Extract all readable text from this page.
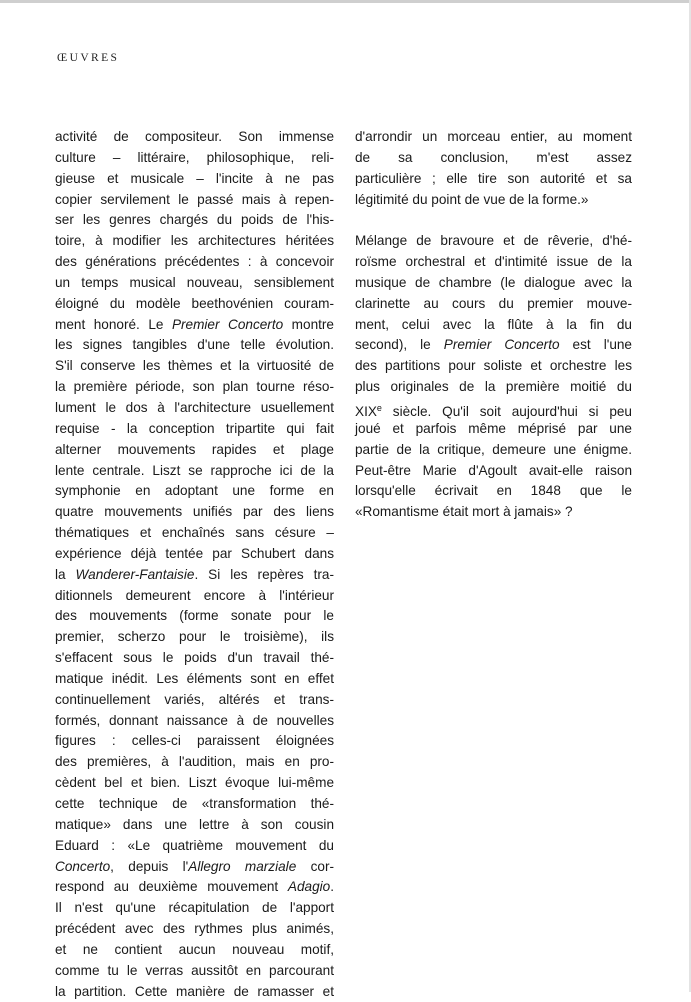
ŒUVRES
activité de compositeur. Son immense
culture – littéraire, philosophique, reli-
gieuse et musicale – l'incite à ne pas
copier servilement le passé mais à repen-
ser les genres chargés du poids de l'his-
toire, à modifier les architectures héritées
des générations précédentes : à concevoir
un temps musical nouveau, sensiblement
éloigné du modèle beethovénien couram-
ment honoré. Le Premier Concerto montre
les signes tangibles d'une telle évolution.
S'il conserve les thèmes et la virtuosité de
la première période, son plan tourne réso-
lument le dos à l'architecture usuellement
requise - la conception tripartite qui fait
alterner mouvements rapides et plage
lente centrale. Liszt se rapproche ici de la
symphonie en adoptant une forme en
quatre mouvements unifiés par des liens
thématiques et enchaînés sans césure –
expérience déjà tentée par Schubert dans
la Wanderer-Fantaisie. Si les repères tra-
ditionnels demeurent encore à l'intérieur
des mouvements (forme sonate pour le
premier, scherzo pour le troisième), ils
s'effacent sous le poids d'un travail thé-
matique inédit. Les éléments sont en effet
continuellement variés, altérés et trans-
formés, donnant naissance à de nouvelles
figures : celles-ci paraissent éloignées
des premières, à l'audition, mais en pro-
cèdent bel et bien. Liszt évoque lui-même
cette technique de «transformation thé-
matique» dans une lettre à son cousin
Eduard : «Le quatrième mouvement du
Concerto, depuis l'Allegro marziale cor-
respond au deuxième mouvement Adagio.
Il n'est qu'une récapitulation de l'apport
précédent avec des rythmes plus animés,
et ne contient aucun nouveau motif,
comme tu le verras aussitôt en parcourant
la partition. Cette manière de ramasser et
d'arrondir un morceau entier, au moment
de sa conclusion, m'est assez
particulière ; elle tire son autorité et sa
légitimité du point de vue de la forme.»
Mélange de bravoure et de rêverie, d'hé-
roïsme orchestral et d'intimité issue de la
musique de chambre (le dialogue avec la
clarinette au cours du premier mouve-
ment, celui avec la flûte à la fin du
second), le Premier Concerto est l'une
des partitions pour soliste et orchestre les
plus originales de la première moitié du
XIXe siècle. Qu'il soit aujourd'hui si peu
joué et parfois même méprisé par une
partie de la critique, demeure une énigme.
Peut-être Marie d'Agoult avait-elle raison
lorsqu'elle écrivait en 1848 que le
«Romantisme était mort à jamais» ?
